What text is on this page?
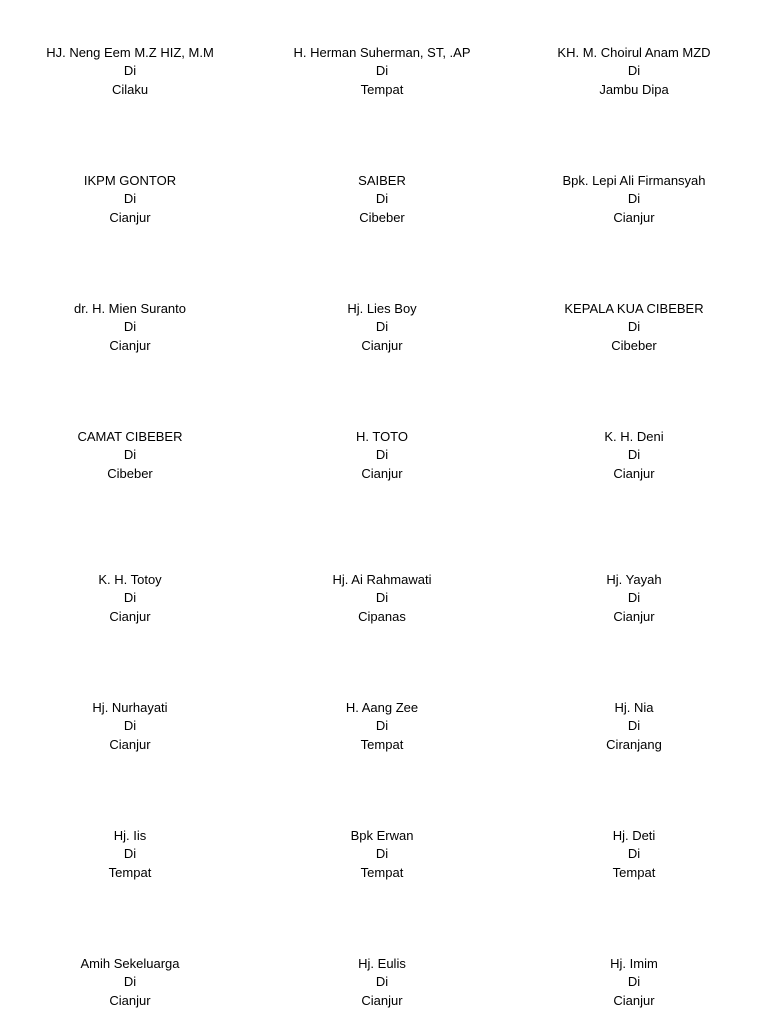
HJ. Neng Eem M.Z HIZ, M.M
Di
Cilaku
H. Herman Suherman, ST, .AP
Di
Tempat
KH. M. Choirul Anam MZD
Di
Jambu Dipa
IKPM GONTOR
Di
Cianjur
SAIBER
Di
Cibeber
Bpk. Lepi Ali Firmansyah
Di
Cianjur
dr. H. Mien Suranto
Di
Cianjur
Hj. Lies Boy
Di
Cianjur
KEPALA KUA CIBEBER
Di
Cibeber
CAMAT CIBEBER
Di
Cibeber
H. TOTO
Di
Cianjur
K. H. Deni
Di
Cianjur
K. H. Totoy
Di
Cianjur
Hj. Ai Rahmawati
Di
Cipanas
Hj. Yayah
Di
Cianjur
Hj. Nurhayati
Di
Cianjur
H. Aang Zee
Di
Tempat
Hj. Nia
Di
Ciranjang
Hj. Iis
Di
Tempat
Bpk Erwan
Di
Tempat
Hj. Deti
Di
Tempat
Amih Sekeluarga
Di
Cianjur
Hj. Eulis
Di
Cianjur
Hj. Imim
Di
Cianjur
